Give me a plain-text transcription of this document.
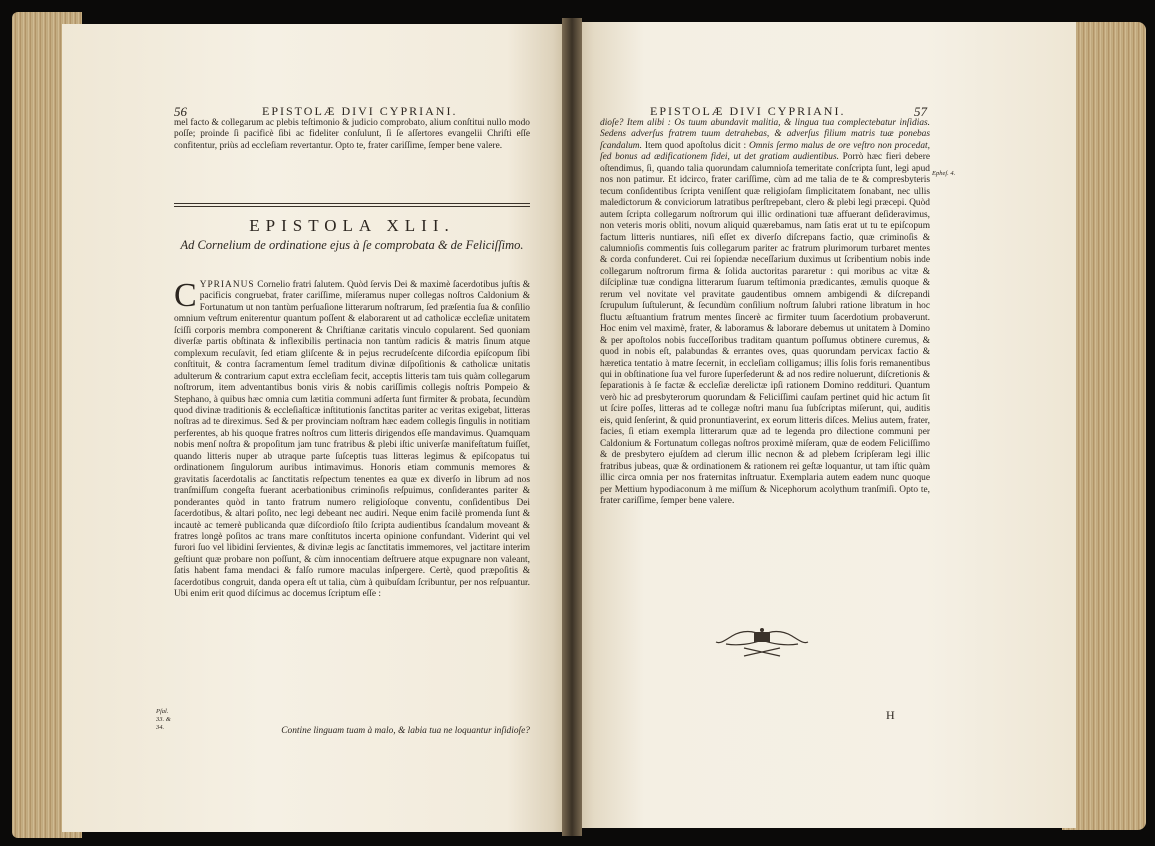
56	EPISTOLÆ DIVI CYPRIANI.
mel facto & collegarum ac plebis teſtimonio & judicio comprobato, alium conſtitui nullo modo poſſe; proinde ſi pacificè ſibi ac fideliter conſulunt, ſi ſe aſſertores evangelii Chriſti eſſe confitentur, priùs ad eccleſiam revertantur. Opto te, frater cariſſime, ſemper bene valere.
EPISTOLA XLII.
Ad Cornelium de ordinatione ejus à ſe comprobata & de Feliciſſimo.
CYPRIANUS Cornelio fratri ſalutem. Quòd ſervis Dei & maximè ſacerdotibus juſtis & pacificis congruebat, frater cariſſime, miſeramus nuper collegas noſtros Caldonium & Fortunatum ut non tantùm perſuaſione litterarum noſtrarum, ſed præſentia ſua & conſilio omnium veſtrum eniterentur quantum poſſent & elaborarent ut ad catholicæ eccleſiæ unitatem ſciſſi corporis membra componerent & Chriſtianæ caritatis vinculo copularent. Sed quoniam diverſæ partis obſtinata & inflexibilis pertinacia non tantùm radicis & matris ſinum atque complexum recuſavit, ſed etiam gliſcente & in pejus recrudeſcente diſcordia epiſcopum ſibi conſtituit, & contra ſacramentum ſemel traditum divinæ diſpoſitionis & catholicæ unitatis adulterum & contrarium caput extra eccleſiam fecit, acceptis litteris tam tuis quàm collegarum noſtrorum, item adventantibus bonis viris & nobis cariſſimis collegis noſtris Pompeio & Stephano, à quibus hæc omnia cum lætitia communi adſerta ſunt firmiter & probata, ſecundùm quod divinæ traditionis & eccleſiaſticæ inſtitutionis ſanctitas pariter ac veritas exigebat, litteras noſtras ad te direximus. Sed & per provinciam noſtram hæc eadem collegis ſingulis in notitiam perferentes, ab his quoque fratres noſtros cum litteris dirigendos eſſe mandavimus. Quamquam nobis menſ noſtra & propoſitum jam tunc fratribus & plebi iſtic univerſæ manifeſtatum fuiſſet, quando litteris nuper ab utraque parte ſuſceptis tuas litteras legimus & epiſcopatus tui ordinationem ſingulorum auribus intimavimus. Honoris etiam communis memores & gravitatis ſacerdotalis ac ſanctitatis reſpectum tenentes ea quæ ex diverſo in librum ad nos tranſmiſſum congeſta fuerant acerbationibus criminoſis reſpuimus, conſiderantes pariter & ponderantes quòd in tanto fratrum numero religioſoque conventu, conſidentibus Dei ſacerdotibus, & altari poſito, nec legi debeant nec audiri. Neque enim facilè promenda ſunt & incautè ac temerè publicanda quæ diſcordioſo ſtilo ſcripta audientibus ſcandalum moveant & fratres longè poſitos ac trans mare conſtitutos incerta opinione confundant. Viderint qui vel furori ſuo vel libidini ſervientes, & divinæ legis ac ſanctitatis immemores, vel jactitare interim geſtiunt quæ probare non poſſunt, & cùm innocentiam deſtruere atque expugnare non valeant, ſatis habent fama mendaci & falſo rumore maculas inſpergere. Certè, quod præpoſitis & ſacerdotibus congruit, danda opera eſt ut talia, cùm à quibuſdam ſcribuntur, per nos reſpuantur. Ubi enim erit quod diſcimus ac docemus ſcriptum eſſe :
Contine linguam tuam à malo, & labia tua ne loquantur inſidioſe?
Pſal. 33. & 34.
EPISTOLÆ DIVI CYPRIANI.	57
dioſe? Item alibi : Os tuum abundavit malitia, & lingua tua complectebatur inſidias. Sedens adverſus fratrem tuum detrahebas, & adverſus filium matris tuæ ponebas ſcandalum. Item quod apoſtolus dicit : Omnis ſermo malus de ore veſtro non procedat, ſed bonus ad ædificationem fidei, ut det gratiam audientibus. Porrò hæc fieri debere oſtendimus, ſi, quando talia quorundam calumnioſa temeritate conſcripta ſunt, legi apud nos non patimur. Et idcirco, frater cariſſime, cùm ad me talia de te & compresbyteris tecum conſidentibus ſcripta veniſſent quæ religioſam ſimplicitatem ſonabant, nec ullis maledictorum & conviciorum latratibus perſtrepebant, clero & plebi legi præcepi. Quòd autem ſcripta collegarum noſtrorum qui illic ordinationi tuæ affuerant deſideravimus, non veteris moris obliti, novum aliquid quærebamus, nam ſatis erat ut tu te epiſcopum factum litteris nuntiares, niſi eſſet ex diverſo diſcrepans factio, quæ criminoſis & calumnioſis commentis ſuis collegarum pariter ac fratrum plurimorum turbaret mentes & corda confunderet. Cui rei ſopiendæ neceſſarium duximus ut ſcribentium nobis inde collegarum noſtrorum firma & ſolida auctoritas pararetur : qui moribus ac vitæ & diſciplinæ tuæ condigna litterarum ſuarum teſtimonia prædicantes, æmulis quoque & rerum vel novitate vel pravitate gaudentibus omnem ambigendi & diſcrepandi ſcrupulum ſuſtulerunt, & ſecundùm conſilium noſtrum ſalubri ratione libratum in hoc fluctu æſtuantium fratrum mentes ſincerè ac firmiter tuum ſacerdotium probaverunt. Hoc enim vel maximè, frater, & laboramus & laborare debemus ut unitatem à Domino & per apoſtolos nobis ſucceſſoribus traditam quantum poſſumus obtinere curemus, & quod in nobis eſt, palabundas & errantes oves, quas quorundam pervicax factio & hæretica tentatio à matre ſecernit, in eccleſiam colligamus; illis ſolis foris remanentibus qui in obſtinatione ſua vel furore ſuperſederunt & ad nos redire noluerunt, diſcretionis & ſeparationis à ſe factæ & eccleſiæ derelictæ ipſi rationem Domino reddituri. Quantum verò hic ad presbyterorum quorundam & Feliciſſimi cauſam pertinet quid hic actum ſit ut ſcire poſſes, litteras ad te collegæ noſtri manu ſua ſubſcriptas miſerunt, qui, auditis eis, quid ſenſerint, & quid pronuntiaverint, ex eorum litteris diſces. Melius autem, frater, facies, ſi etiam exempla litterarum quæ ad te legenda pro dilectione communi per Caldonium & Fortunatum collegas noſtros proximè miſeram, quæ de eodem Feliciſſimo & de presbytero ejuſdem ad clerum illic necnon & ad plebem ſcripſeram legi illic fratribus jubeas, quæ & ordinationem & rationem rei geſtæ loquantur, ut tam iſtic quàm illic circa omnia per nos fraternitas inſtruatur. Exemplaria autem eadem nunc quoque per Mettium hypodiaconum à me miſſum & Nicephorum acolythum tranſmiſi. Opto te, frater cariſſime, ſemper bene valere.
Epheſ. 4.
H
